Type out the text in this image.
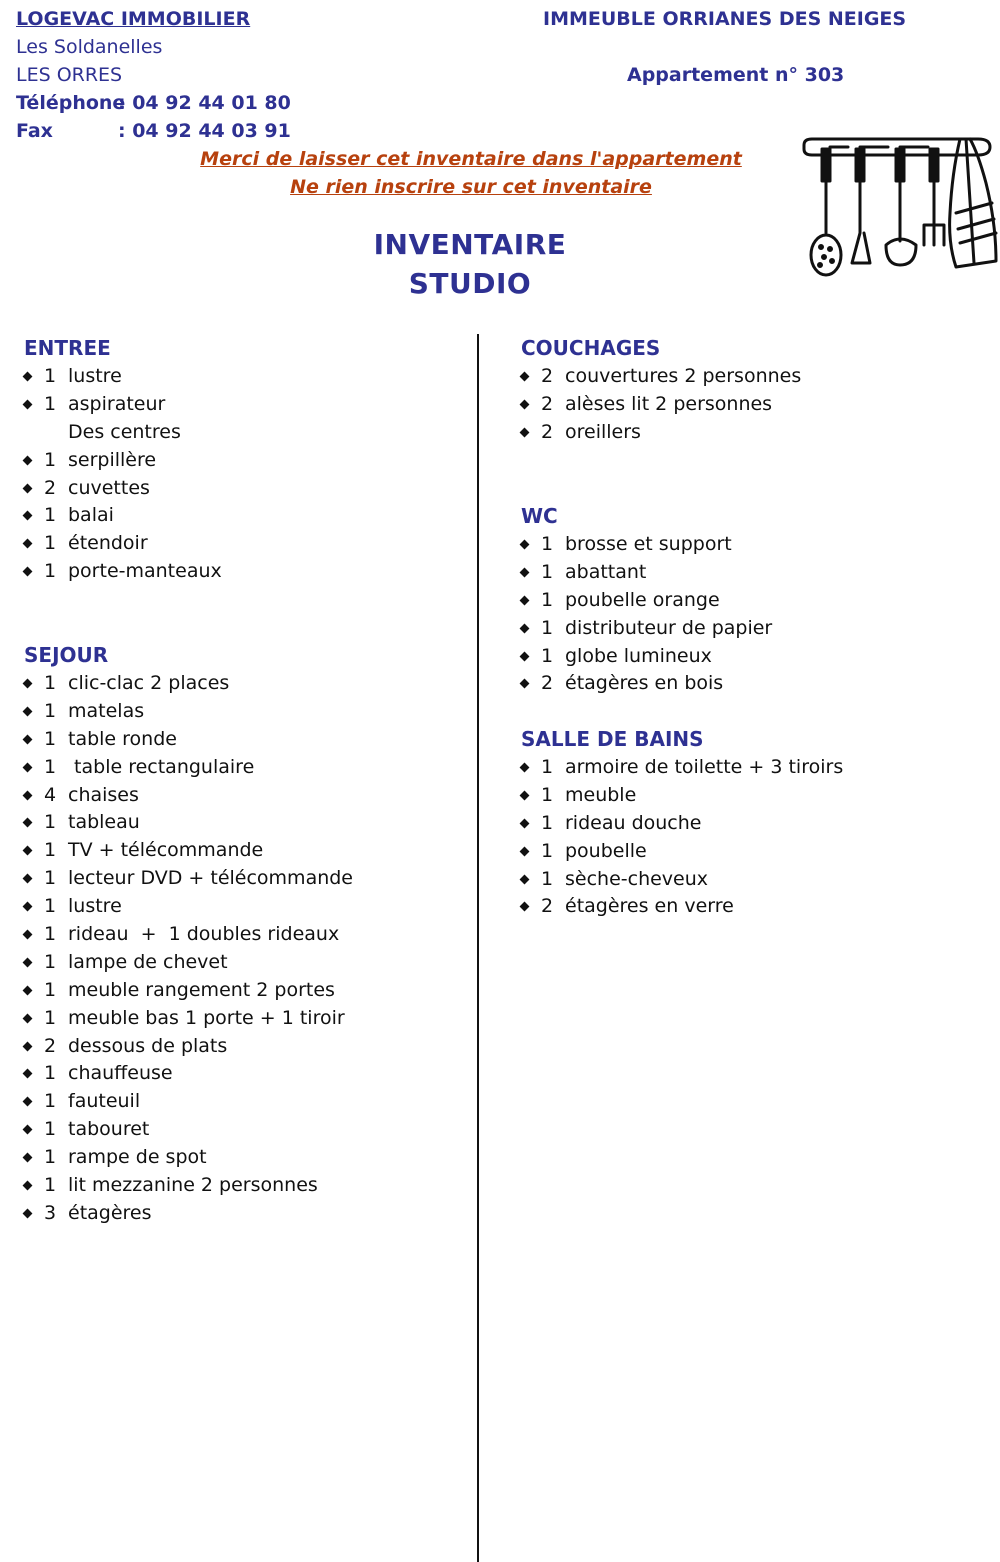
LOGEVAC IMMOBILIER
Les Soldanelles
LES ORRES
Téléphone
: 04 92 44 01 80
Fax	: 04 92 44 03 91
IMMEUBLE ORRIANES DES NEIGES
Appartement n° 303
Merci de laisser cet inventaire dans l'appartement
Ne rien inscrire sur cet inventaire
INVENTAIRE
STUDIO
ENTREE
1 lustre
1 aspirateur
Des centres
1 serpillère
2 cuvettes
1 balai
1 étendoir
1 porte-manteaux
SEJOUR
1 clic-clac 2 places
1 matelas
1 table ronde
1 table rectangulaire
4 chaises
1 tableau
1 TV + télécommande
1 lecteur DVD + télécommande
1 lustre
1 rideau  +  1 doubles rideaux
1 lampe de chevet
1 meuble rangement 2 portes
1 meuble bas 1 porte + 1 tiroir
2 dessous de plats
1 chauffeuse
1 fauteuil
1 tabouret
1 rampe de spot
1 lit mezzanine 2 personnes
3 étagères
COUCHAGES
2 couvertures 2 personnes
2 alèses lit 2 personnes
2 oreillers
WC
1 brosse et support
1 abattant
1 poubelle orange
1 distributeur de papier
1 globe lumineux
2 étagères en bois
SALLE DE BAINS
1 armoire de toilette + 3 tiroirs
1 meuble
1 rideau douche
1 poubelle
1 sèche-cheveux
2 étagères en verre
